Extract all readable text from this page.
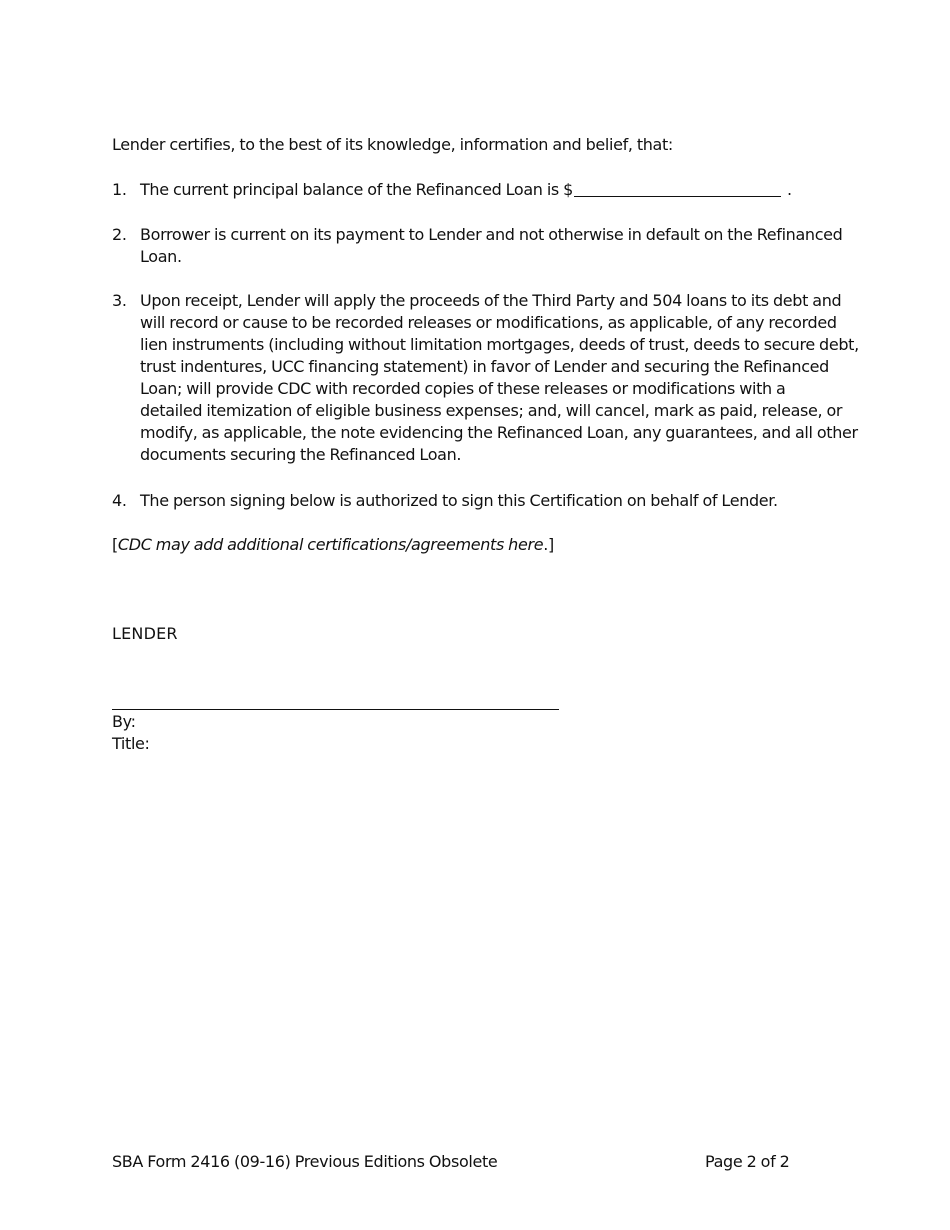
Lender certifies, to the best of its knowledge, information and belief, that:
1. The current principal balance of the Refinanced Loan is $	.
2. Borrower is current on its payment to Lender and not otherwise in default on the Refinanced
Loan.
3. Upon receipt, Lender will apply the proceeds of the Third Party and 504 loans to its debt and
will record or cause to be recorded releases or modifications, as applicable, of any recorded
lien instruments (including without limitation mortgages, deeds of trust, deeds to secure debt,
trust indentures, UCC financing statement) in favor of Lender and securing the Refinanced
Loan; will provide CDC with recorded copies of these releases or modifications with a
detailed itemization of eligible business expenses; and, will cancel, mark as paid, release, or
modify, as applicable, the note evidencing the Refinanced Loan, any guarantees, and all other
documents securing the Refinanced Loan.
4. The person signing below is authorized to sign this Certification on behalf of Lender.
[CDC may add additional certifications/agreements here.]
LENDER
By:
Title:
SBA Form 2416 (09-16) Previous Editions Obsolete	Page 2 of 2
